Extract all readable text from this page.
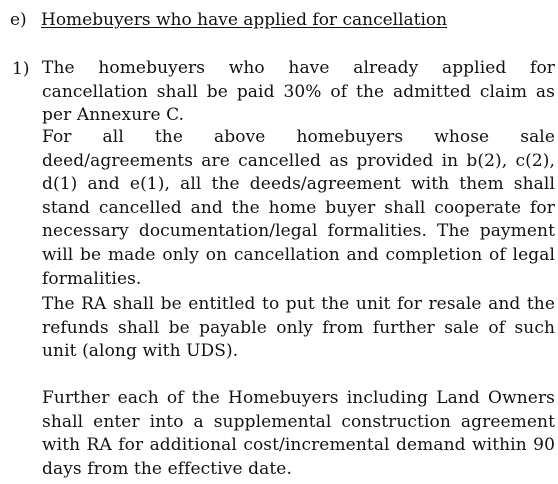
e) Homebuyers who have applied for cancellation
1) The homebuyers who have already applied for cancellation shall be paid 30% of the admitted claim as per Annexure C.

For all the above homebuyers whose sale deed/agreements are cancelled as provided in b(2), c(2), d(1) and e(1), all the deeds/agreement with them shall stand cancelled and the home buyer shall cooperate for necessary documentation/legal formalities. The payment will be made only on cancellation and completion of legal formalities.

The RA shall be entitled to put the unit for resale and the refunds shall be payable only from further sale of such unit (along with UDS).

Further each of the Homebuyers including Land Owners shall enter into a supplemental construction agreement with RA for additional cost/incremental demand within 90 days from the effective date.
